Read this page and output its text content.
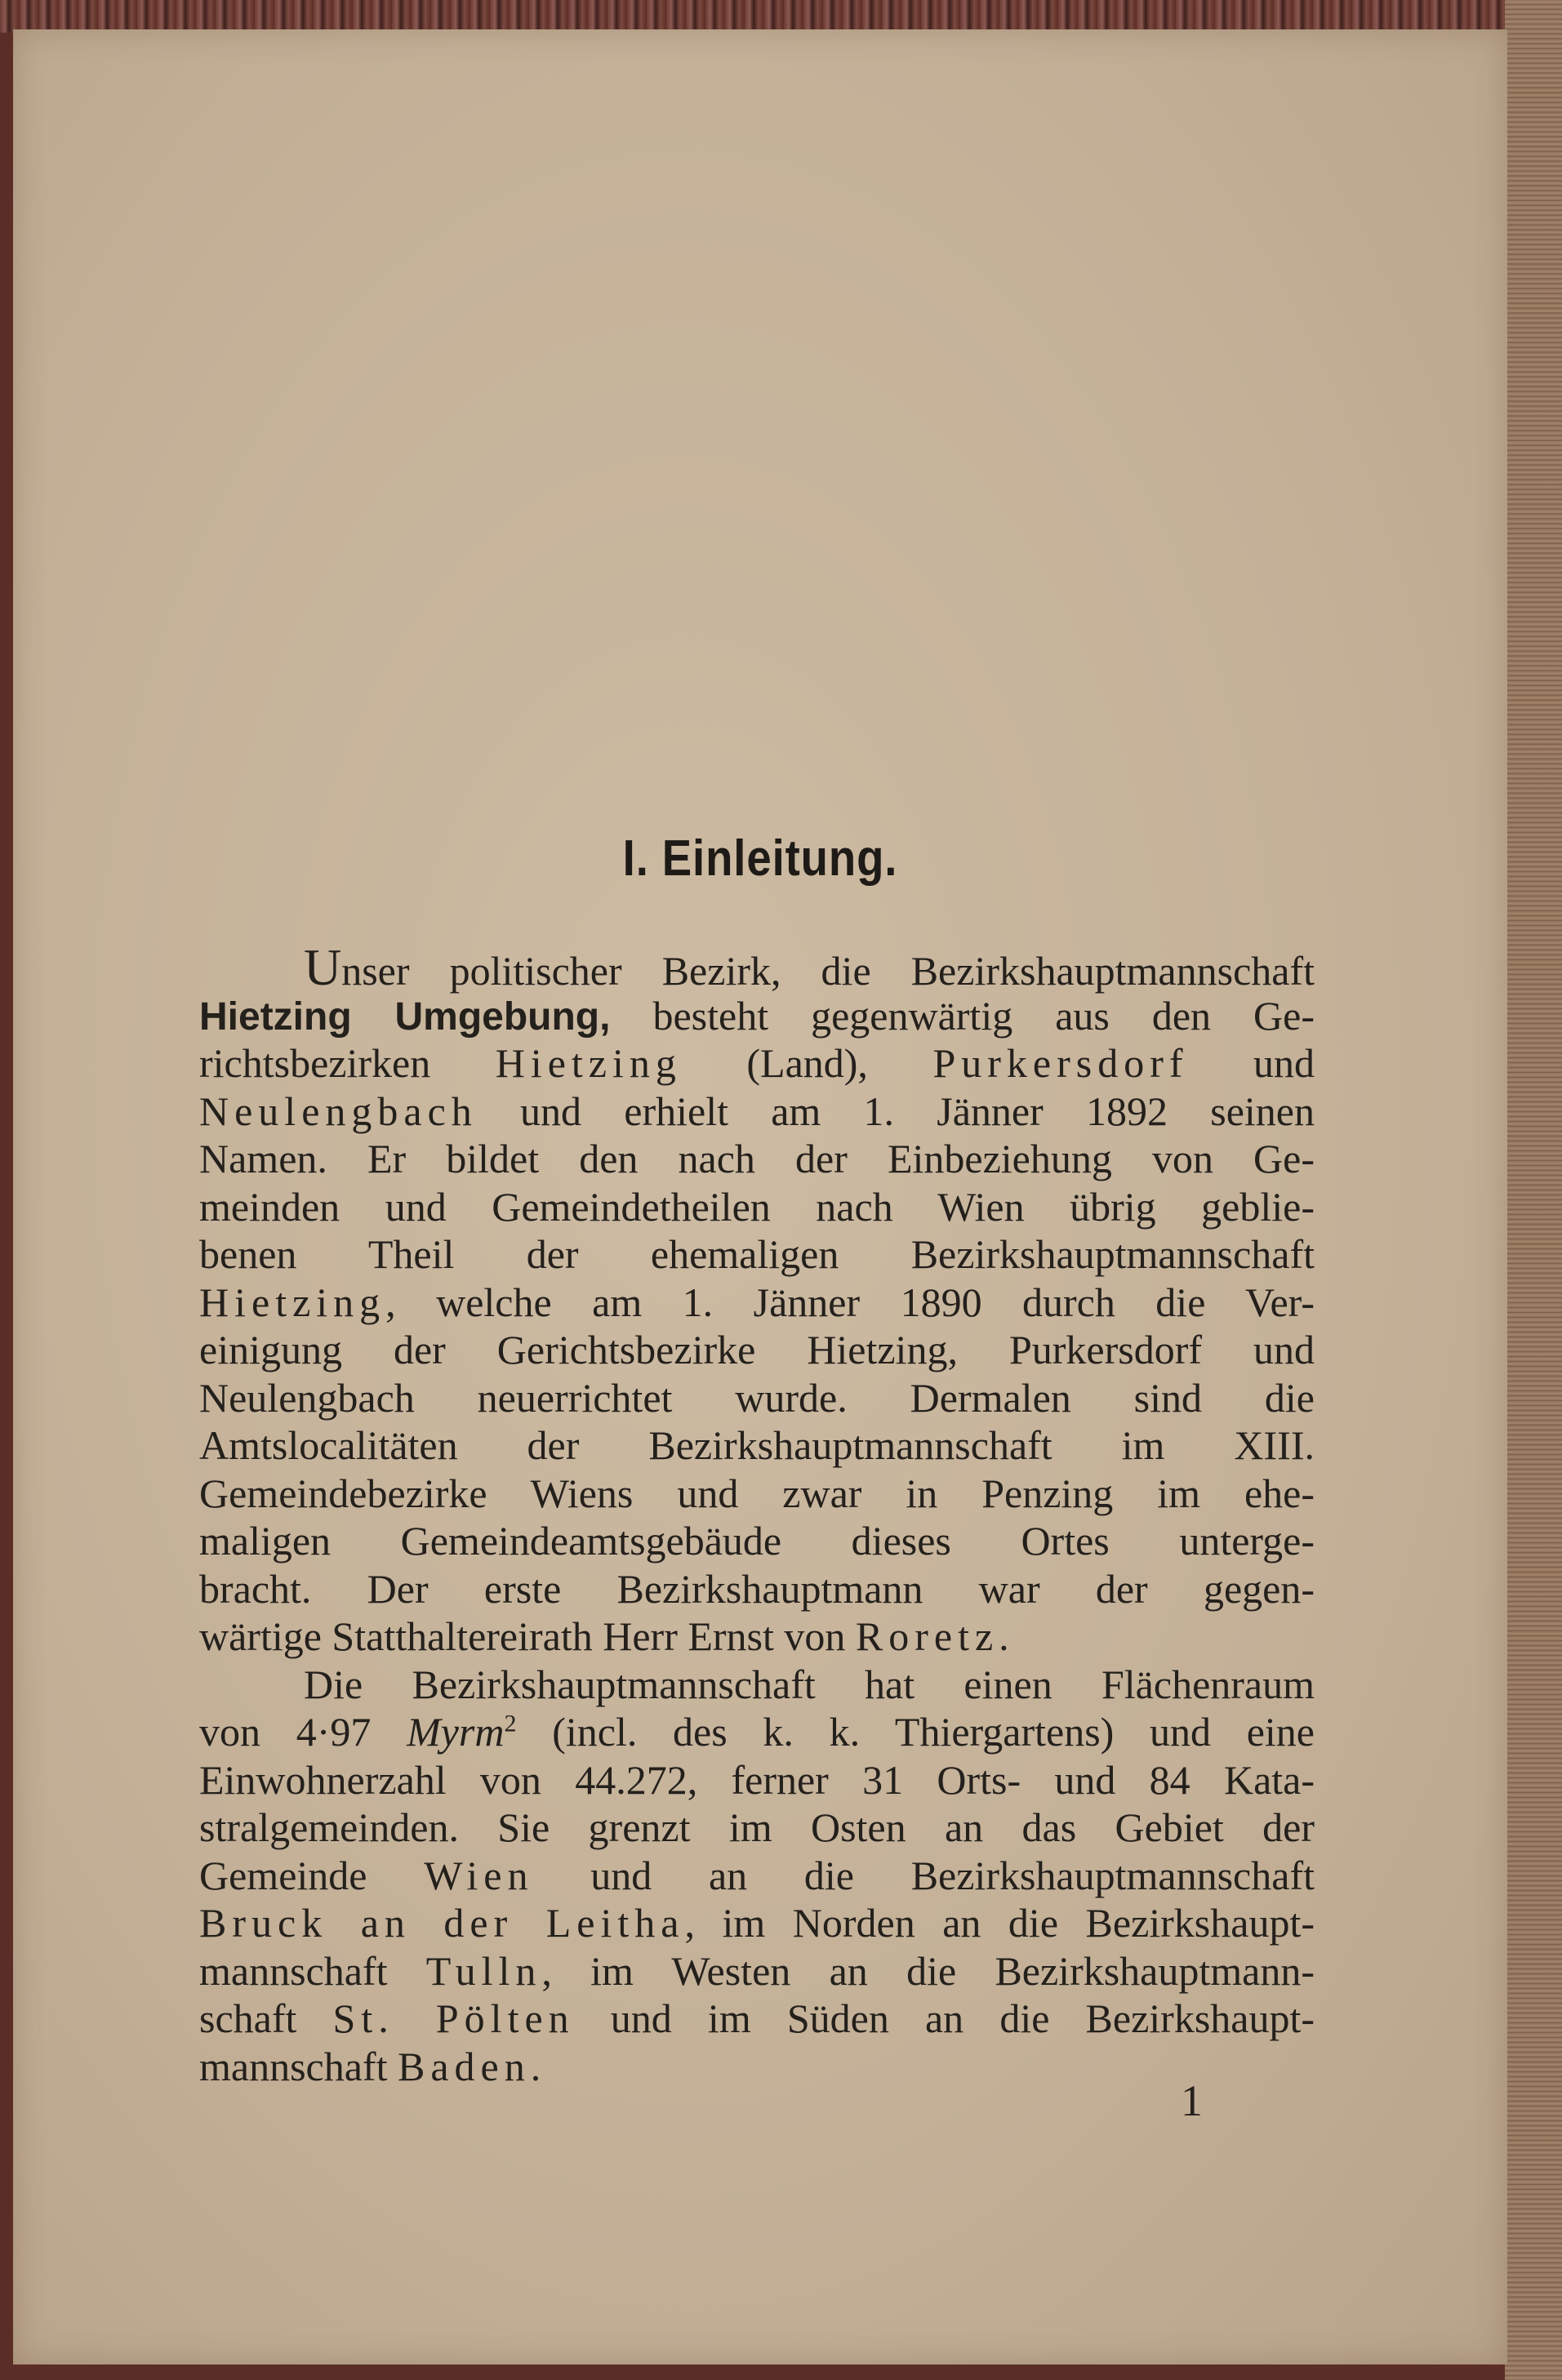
I. Einleitung.
Unser politischer Bezirk, die Bezirkshauptmannschaft
Hietzing Umgebung, besteht gegenwärtig aus den Ge-
richtsbezirken Hietzing (Land), Purkersdorf und
Neulengbach und erhielt am 1. Jänner 1892 seinen
Namen. Er bildet den nach der Einbeziehung von Ge-
meinden und Gemeindetheilen nach Wien übrig geblie-
benen Theil der ehemaligen Bezirkshauptmannschaft
Hietzing, welche am 1. Jänner 1890 durch die Ver-
einigung der Gerichtsbezirke Hietzing, Purkersdorf und
Neulengbach neuerrichtet wurde. Dermalen sind die
Amtslocalitäten der Bezirkshauptmannschaft im XIII.
Gemeindebezirke Wiens und zwar in Penzing im ehe-
maligen Gemeindeamtsgebäude dieses Ortes unterge-
bracht. Der erste Bezirkshauptmann war der gegen-
wärtige Statthaltereirath Herr Ernst von Roretz.
Die Bezirkshauptmannschaft hat einen Flächenraum
von 4·97 Myrm$^2$ (incl. des k. k. Thiergartens) und eine
Einwohnerzahl von 44.272, ferner 31 Orts- und 84 Kata-
stralgemeinden. Sie grenzt im Osten an das Gebiet der
Gemeinde Wien und an die Bezirkshauptmannschaft
Bruck an der Leitha, im Norden an die Bezirkshaupt-
mannschaft Tulln, im Westen an die Bezirkshauptmann-
schaft St. Pölten und im Süden an die Bezirkshaupt-
mannschaft Baden.
1
